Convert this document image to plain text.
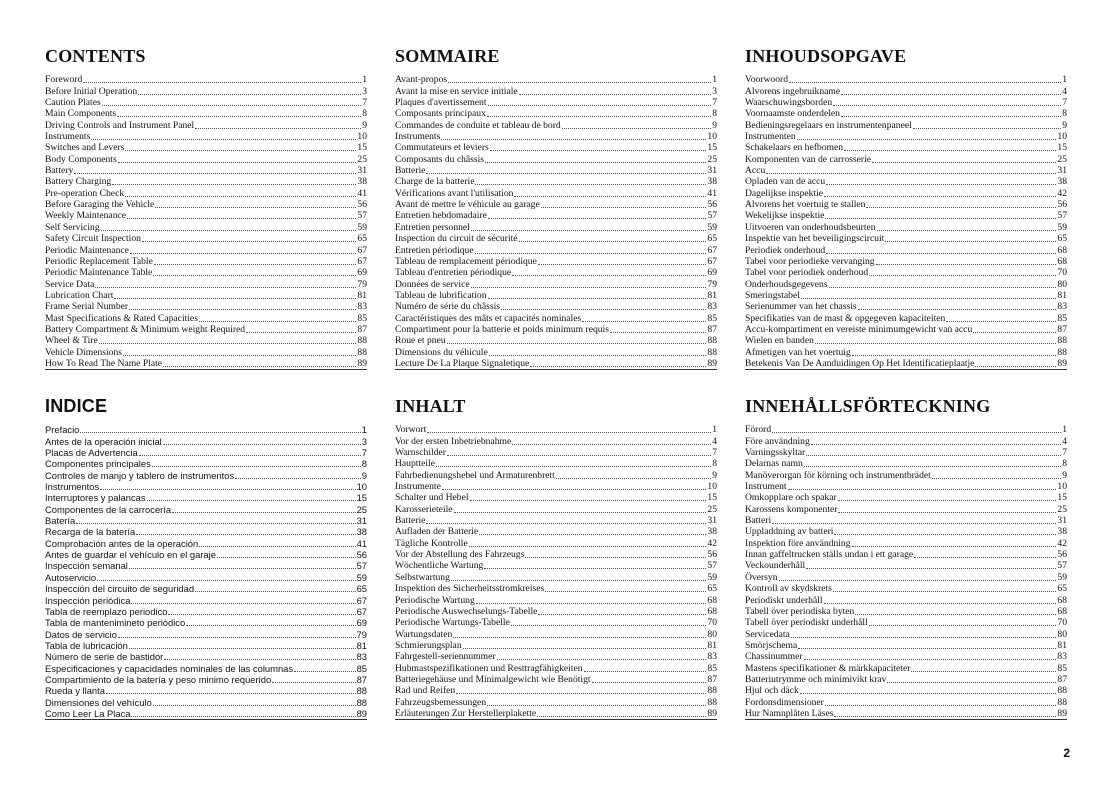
CONTENTS
Foreword	1
Before Initial Operation	3
Caution Plates	7
Main Components	8
Driving Controls and Instrument Panel	9
Instruments	10
Switches and Levers	15
Body Components	25
Battery	31
Battery Charging	38
Pre-operation Check	41
Before Garaging the Vehicle	56
Weekly Maintenance	57
Self Servicing	59
Safety Circuit Inspection	65
Periodic Maintenance	67
Periodic Replacement Table	67
Periodic Maintenance Table	69
Service Data	79
Lubrication Chart	81
Frame Serial Number	83
Mast Specifications & Rated Capacities	85
Battery Compartment & Minimum weight Required	87
Wheel & Tire	88
Vehicle Dimensions	88
How To Read The Name Plate	89
SOMMAIRE
Avant-propos	1
Avant la mise en service initiale	3
Plaques d'avertissement	7
Composants principaux	8
Commandes de conduite et tableau de bord	9
Instruments	10
Commutateurs et leviers	15
Composants du châssis	25
Batterie	31
Charge de la batterie	38
Vérifications avant l'utilisation	41
Avant de mettre le véhicule au garage	56
Entretien hebdomadaire	57
Entretien personnel	59
Inspection du circuit de sécurité	65
Entretien périodique	67
Tableau de remplacement périodique	67
Tableau d'entretien périodique	69
Données de service	79
Tableau de lubrification	81
Numéro de série du châssis	83
Caractéristiques des mâts et capacités nominales	85
Compartiment pour la batterie et poids minimum requis	87
Roue et pneu	88
Dimensions du véhicule	88
Lecture De La Plaque Signaletique	89
INHOUDSOPGAVE
Voorwoord	1
Alvorens ingebruikname	4
Waarschuwingsborden	7
Voornaamste onderdelen	8
Bedieningsregelaars en instrumentenpaneel	9
Instrumenten	10
Schakelaars en hefbomen	15
Komponenten van de carrosserie	25
Accu	31
Opladen van de accu	38
Dagelijkse inspektie	42
Alvorens het voertuig te stallen	56
Wekelijkse inspektie	57
Uitvoeren van onderhoudsbeurten	59
Inspektie van het beveiligingscircuit	65
Periodiek onderhoud	68
Tabel voor periodieke vervanging	68
Tabel voor periodiek onderhoud	70
Onderhoudsgegevens	80
Smeringstabel	81
Serienummer van het chassis	83
Specifikaties van de mast & opgegeven kapaciteiten	85
Accu-kompartiment en vereiste minimumgewicht van accu	87
Wielen en banden	88
Afmetigen van het voertuig	88
Betekenis Van De Aanduidingen Op Het Identificatieplaatje	89
INDICE
Prefacio	1
Antes de la operación inicial	3
Placas de Advertencia	7
Componentes principales	8
Controles de manjo y tablero de instrumentos	9
Instrumentos	10
Interruptores y palancas	15
Componentes de la carrocería	25
Batería	31
Recarga de la batería	38
Comprobación antes de la operación	41
Antes de guardar el vehículo en el garaje	56
Inspección semanal	57
Autoservicio	59
Inspección del circuito de seguridad	65
Inspección periódica	67
Tabla de reemplazo periodico	67
Tabla de mantenimineto periódico	69
Datos de servicio	79
Tabla de lubricación	81
Número de serie de bastidor	83
Especificaciones y capacidades nominales de las columnas	85
Compartimiento de la batería y peso minimo requerido	87
Rueda y llanta	88
Dimensiones del vehículo	88
Como Leer La Placa	89
INHALT
Vorwort	1
Vor der ersten Inbetriebnahme	4
Warnschilder	7
Hauptteile	8
Fahrbedienungshebel und Armaturenbrett	9
Instrumente	10
Schalter und Hebel	15
Karosserieteile	25
Batterie	31
Aufladen der Batterie	38
Tägliche Kontrolle	42
Vor der Abstellung des Fahrzeugs	56
Wöchentliche Wartung	57
Selbstwartung	59
Inspektion des Sicherheitsstromkreises	65
Periodische Wartung	68
Periodische Auswechselungs-Tabelle	68
Periodische Wartungs-Tabelle	70
Wartungsdaten	80
Schmierungsplan	81
Fahrgestell-seriennummer	83
Hubmastspezifikationen und Resttragfähigkeiten	85
Batteriegehäuse und Minimalgewicht wie Benötigt	87
Rad und Reifen	88
Fahrzeugsbemessungen	88
Erläuterungen Zur Herstellerplakette	89
INNEHÅLLSFÖRTECKNING
Förord	1
Före användning	4
Varningsskyltar	7
Delarnas namn	8
Manöverorgan för körning och instrumentbrädet	9
Instrument	10
Omkopplare och spakar	15
Karossens komponenter	25
Batteri	31
Uppladdning av batteri	38
Inspektion före användning	42
Innan gaffeltrucken ställs undan i ett garage	56
Veckounderhåll	57
Översyn	59
Kontroll av skydskrets	65
Periodiskt underhåll	68
Tabell över periodiska byten	68
Tabell över periodiskt underhåll	70
Servicedata	80
Smörjschema	81
Chassinummer	83
Mastens specifikationer & märkkapaciteter	85
Batteriutrymme och minimivikt krav	87
Hjul och däck	88
Fordonsdimensioner	88
Hur Namnplåten Läses	89
2
